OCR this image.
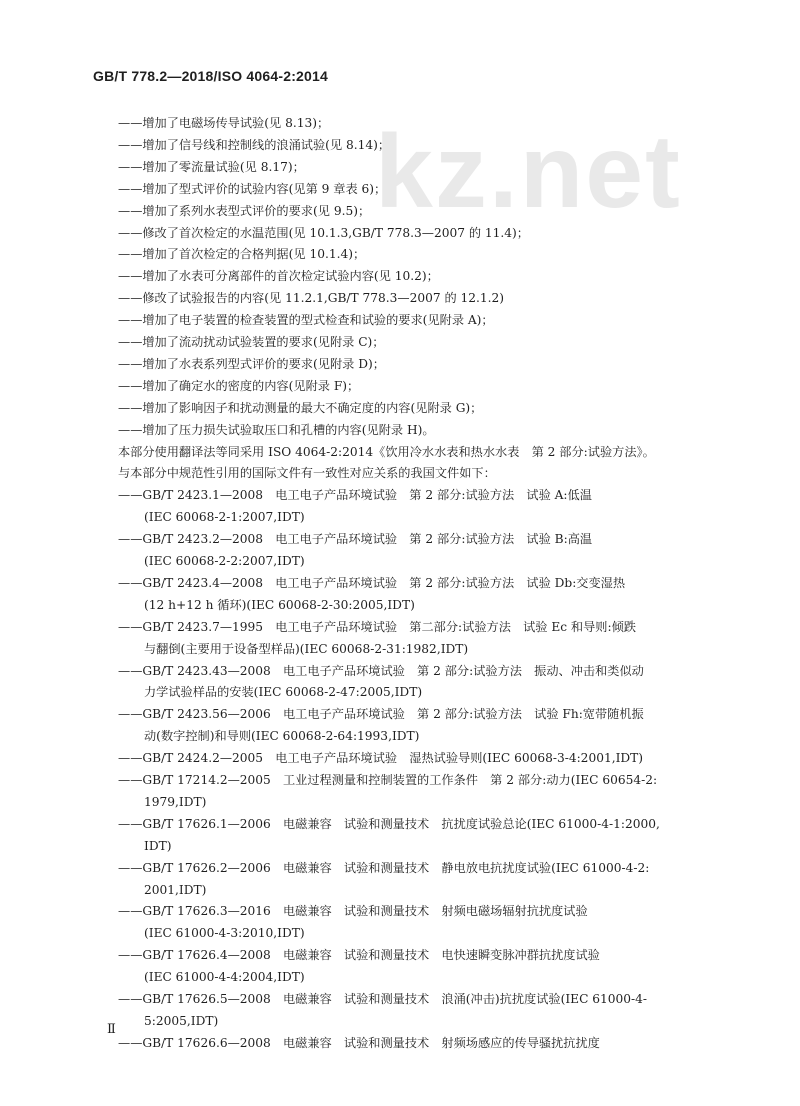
GB/T 778.2—2018/ISO 4064-2:2014
kz.net
——增加了电磁场传导试验(见 8.13)；
——增加了信号线和控制线的浪涌试验(见 8.14)；
——增加了零流量试验(见 8.17)；
——增加了型式评价的试验内容(见第 9 章表 6)；
——增加了系列水表型式评价的要求(见 9.5)；
——修改了首次检定的水温范围(见 10.1.3,GB/T 778.3—2007 的 11.4)；
——增加了首次检定的合格判据(见 10.1.4)；
——增加了水表可分离部件的首次检定试验内容(见 10.2)；
——修改了试验报告的内容(见 11.2.1,GB/T 778.3—2007 的 12.1.2)
——增加了电子装置的检查装置的型式检查和试验的要求(见附录 A)；
——增加了流动扰动试验装置的要求(见附录 C)；
——增加了水表系列型式评价的要求(见附录 D)；
——增加了确定水的密度的内容(见附录 F)；
——增加了影响因子和扰动测量的最大不确定度的内容(见附录 G)；
——增加了压力损失试验取压口和孔槽的内容(见附录 H)。
本部分使用翻译法等同采用 ISO 4064-2:2014《饮用冷水水表和热水水表　第 2 部分:试验方法》。
与本部分中规范性引用的国际文件有一致性对应关系的我国文件如下：
——GB/T 2423.1—2008　电工电子产品环境试验　第 2 部分:试验方法　试验 A:低温
(IEC 60068-2-1:2007,IDT)
——GB/T 2423.2—2008　电工电子产品环境试验　第 2 部分:试验方法　试验 B:高温
(IEC 60068-2-2:2007,IDT)
——GB/T 2423.4—2008　电工电子产品环境试验　第 2 部分:试验方法　试验 Db:交变湿热
(12 h+12 h 循环)(IEC 60068-2-30:2005,IDT)
——GB/T 2423.7—1995　电工电子产品环境试验　第二部分:试验方法　试验 Ec 和导则:倾跌
与翻倒(主要用于设备型样品)(IEC 60068-2-31:1982,IDT)
——GB/T 2423.43—2008　电工电子产品环境试验　第 2 部分:试验方法　振动、冲击和类似动
力学试验样品的安装(IEC 60068-2-47:2005,IDT)
——GB/T 2423.56—2006　电工电子产品环境试验　第 2 部分:试验方法　试验 Fh:宽带随机振
动(数字控制)和导则(IEC 60068-2-64:1993,IDT)
——GB/T 2424.2—2005　电工电子产品环境试验　湿热试验导则(IEC 60068-3-4:2001,IDT)
——GB/T 17214.2—2005　工业过程测量和控制装置的工作条件　第 2 部分:动力(IEC 60654-2:
1979,IDT)
——GB/T 17626.1—2006　电磁兼容　试验和测量技术　抗扰度试验总论(IEC 61000-4-1:2000,
IDT)
——GB/T 17626.2—2006　电磁兼容　试验和测量技术　静电放电抗扰度试验(IEC 61000-4-2:
2001,IDT)
——GB/T 17626.3—2016　电磁兼容　试验和测量技术　射频电磁场辐射抗扰度试验
(IEC 61000-4-3:2010,IDT)
——GB/T 17626.4—2008　电磁兼容　试验和测量技术　电快速瞬变脉冲群抗扰度试验
(IEC 61000-4-4:2004,IDT)
——GB/T 17626.5—2008　电磁兼容　试验和测量技术　浪涌(冲击)抗扰度试验(IEC 61000-4-
5:2005,IDT)
——GB/T 17626.6—2008　电磁兼容　试验和测量技术　射频场感应的传导骚扰抗扰度
Ⅱ
